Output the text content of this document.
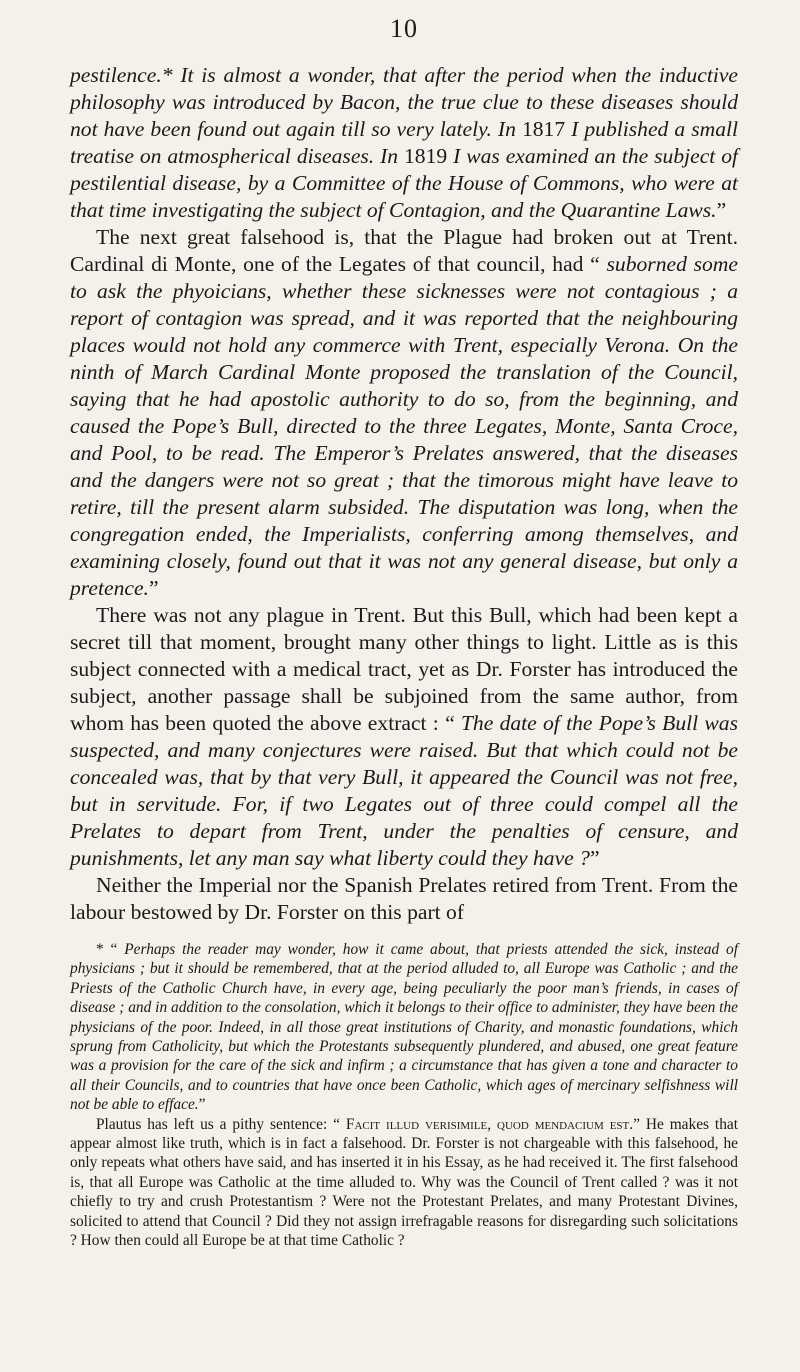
10

pestilence.* It is almost a wonder, that after the period when the inductive philosophy was introduced by Bacon, the true clue to these diseases should not have been found out again till so very lately. In 1817 I published a small treatise on atmospherical diseases. In 1819 I was examined an the subject of pestilential disease, by a Committee of the House of Commons, who were at that time investigating the subject of Contagion, and the Quarantine Laws.”

The next great falsehood is, that the Plague had broken out at Trent. Cardinal di Monte, one of the Legates of that council, had “ suborned some to ask the phyoicians, whether these sicknesses were not contagious ; a report of contagion was spread, and it was reported that the neighbouring places would not hold any commerce with Trent, especially Verona. On the ninth of March Cardinal Monte proposed the translation of the Council, saying that he had apostolic authority to do so, from the beginning, and caused the Pope’s Bull, directed to the three Legates, Monte, Santa Croce, and Pool, to be read. The Emperor’s Prelates answered, that the diseases and the dangers were not so great ; that the timorous might have leave to retire, till the present alarm subsided. The disputation was long, when the congregation ended, the Imperialists, conferring among themselves, and examining closely, found out that it was not any general disease, but only a pretence.”

There was not any plague in Trent. But this Bull, which had been kept a secret till that moment, brought many other things to light. Little as is this subject connected with a medical tract, yet as Dr. Forster has introduced the subject, another passage shall be subjoined from the same author, from whom has been quoted the above extract : “ The date of the Pope’s Bull was suspected, and many conjectures were raised. But that which could not be concealed was, that by that very Bull, it appeared the Council was not free, but in servitude. For, if two Legates out of three could compel all the Prelates to depart from Trent, under the penalties of censure, and punishments, let any man say what liberty could they have ?”

Neither the Imperial nor the Spanish Prelates retired from Trent. From the labour bestowed by Dr. Forster on this part of

* “ Perhaps the reader may wonder, how it came about, that priests attended the sick, instead of physicians ; but it should be remembered, that at the period alluded to, all Europe was Catholic ; and the Priests of the Catholic Church have, in every age, being peculiarly the poor man’s friends, in cases of disease ; and in addition to the consolation, which it belongs to their office to administer, they have been the physicians of the poor. Indeed, in all those great institutions of Charity, and monastic foundations, which sprung from Catholicity, but which the Protestants subsequently plundered, and abused, one great feature was a provision for the care of the sick and infirm ; a circumstance that has given a tone and character to all their Councils, and to countries that have once been Catholic, which ages of mercinary selfishness will not be able to efface.”

Plautus has left us a pithy sentence: “ Facit illud verisimile, quod mendacium est.” He makes that appear almost like truth, which is in fact a falsehood. Dr. Forster is not chargeable with this falsehood, he only repeats what others have said, and has inserted it in his Essay, as he had received it. The first falsehood is, that all Europe was Catholic at the time alluded to. Why was the Council of Trent called ? was it not chiefly to try and crush Protestantism ? Were not the Protestant Prelates, and many Protestant Divines, solicited to attend that Council ? Did they not assign irrefragable reasons for disregarding such solicitations ? How then could all Europe be at that time Catholic ?
